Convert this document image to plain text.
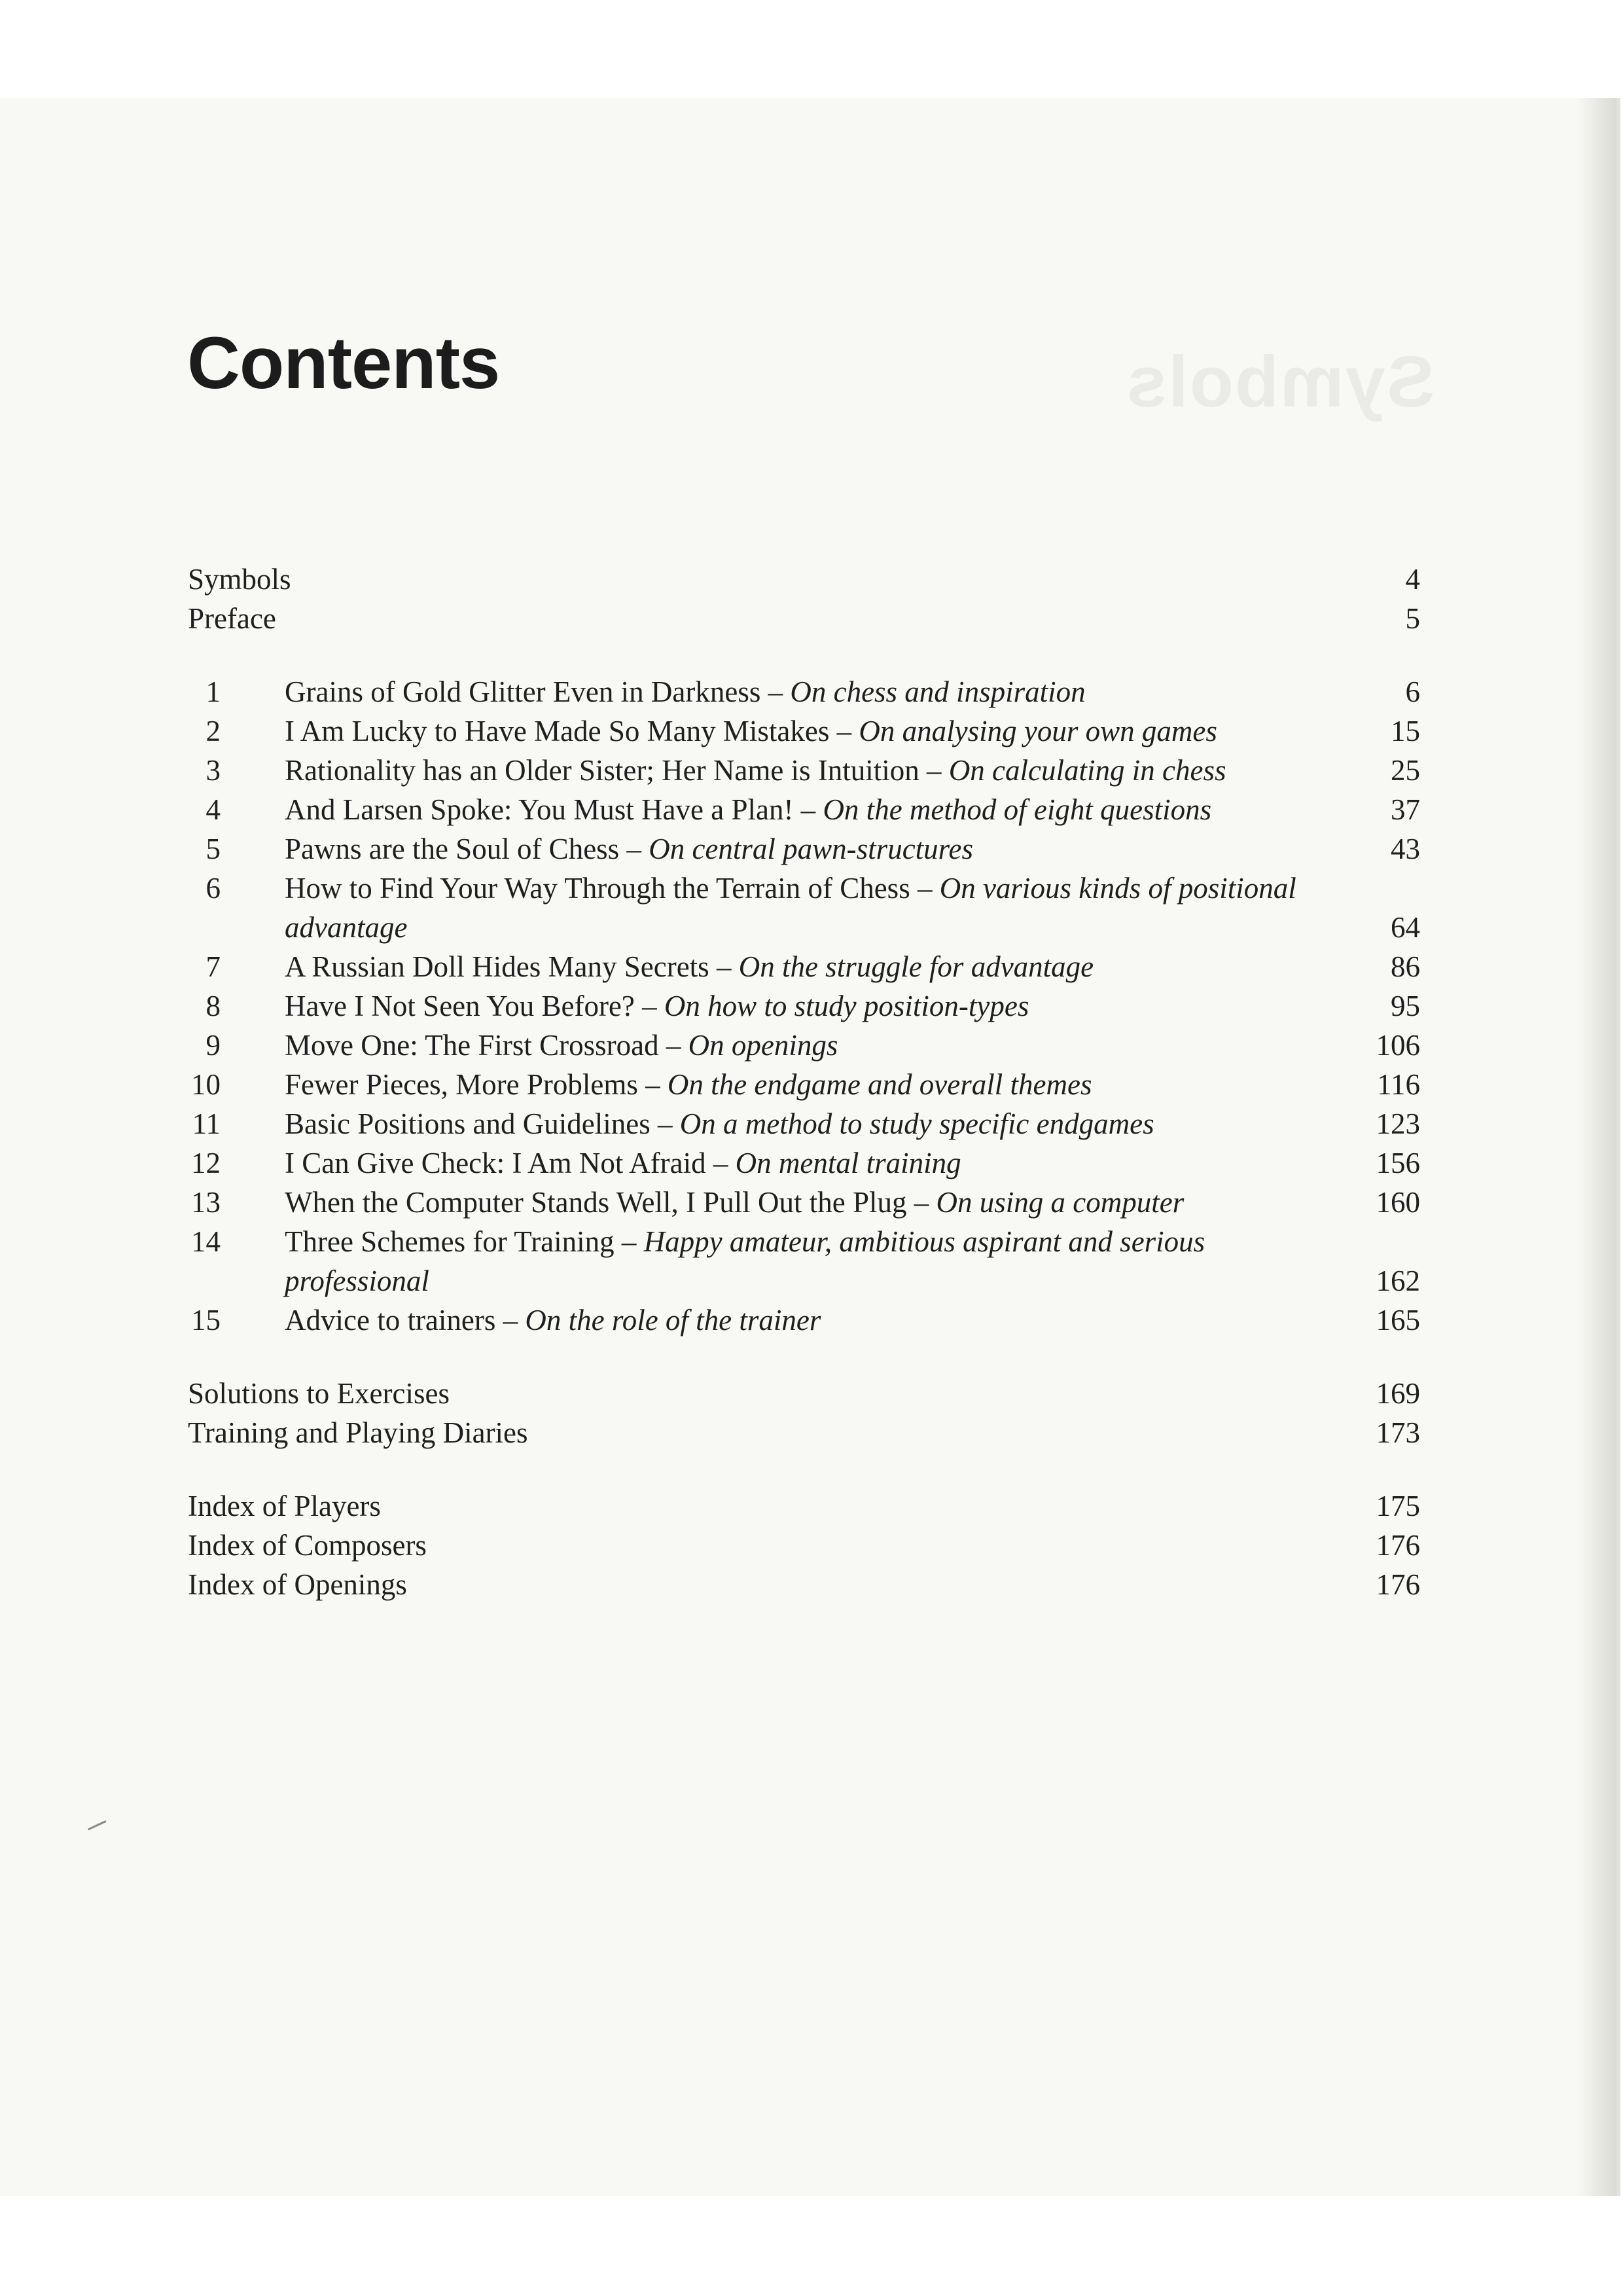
Symbols
Contents
Symbols	4
Preface	5
1 Grains of Gold Glitter Even in Darkness – On chess and inspiration	6
2 I Am Lucky to Have Made So Many Mistakes – On analysing your own games	15
3 Rationality has an Older Sister; Her Name is Intuition – On calculating in chess	25
4 And Larsen Spoke: You Must Have a Plan! – On the method of eight questions	37
5 Pawns are the Soul of Chess – On central pawn-structures	43
6 How to Find Your Way Through the Terrain of Chess – On various kinds of positional advantage	64
7 A Russian Doll Hides Many Secrets – On the struggle for advantage	86
8 Have I Not Seen You Before? – On how to study position-types	95
9 Move One: The First Crossroad – On openings	106
10 Fewer Pieces, More Problems – On the endgame and overall themes	116
11 Basic Positions and Guidelines – On a method to study specific endgames	123
12 I Can Give Check: I Am Not Afraid – On mental training	156
13 When the Computer Stands Well, I Pull Out the Plug – On using a computer	160
14 Three Schemes for Training – Happy amateur, ambitious aspirant and serious professional	162
15 Advice to trainers – On the role of the trainer	165
Solutions to Exercises	169
Training and Playing Diaries	173
Index of Players	175
Index of Composers	176
Index of Openings	176
